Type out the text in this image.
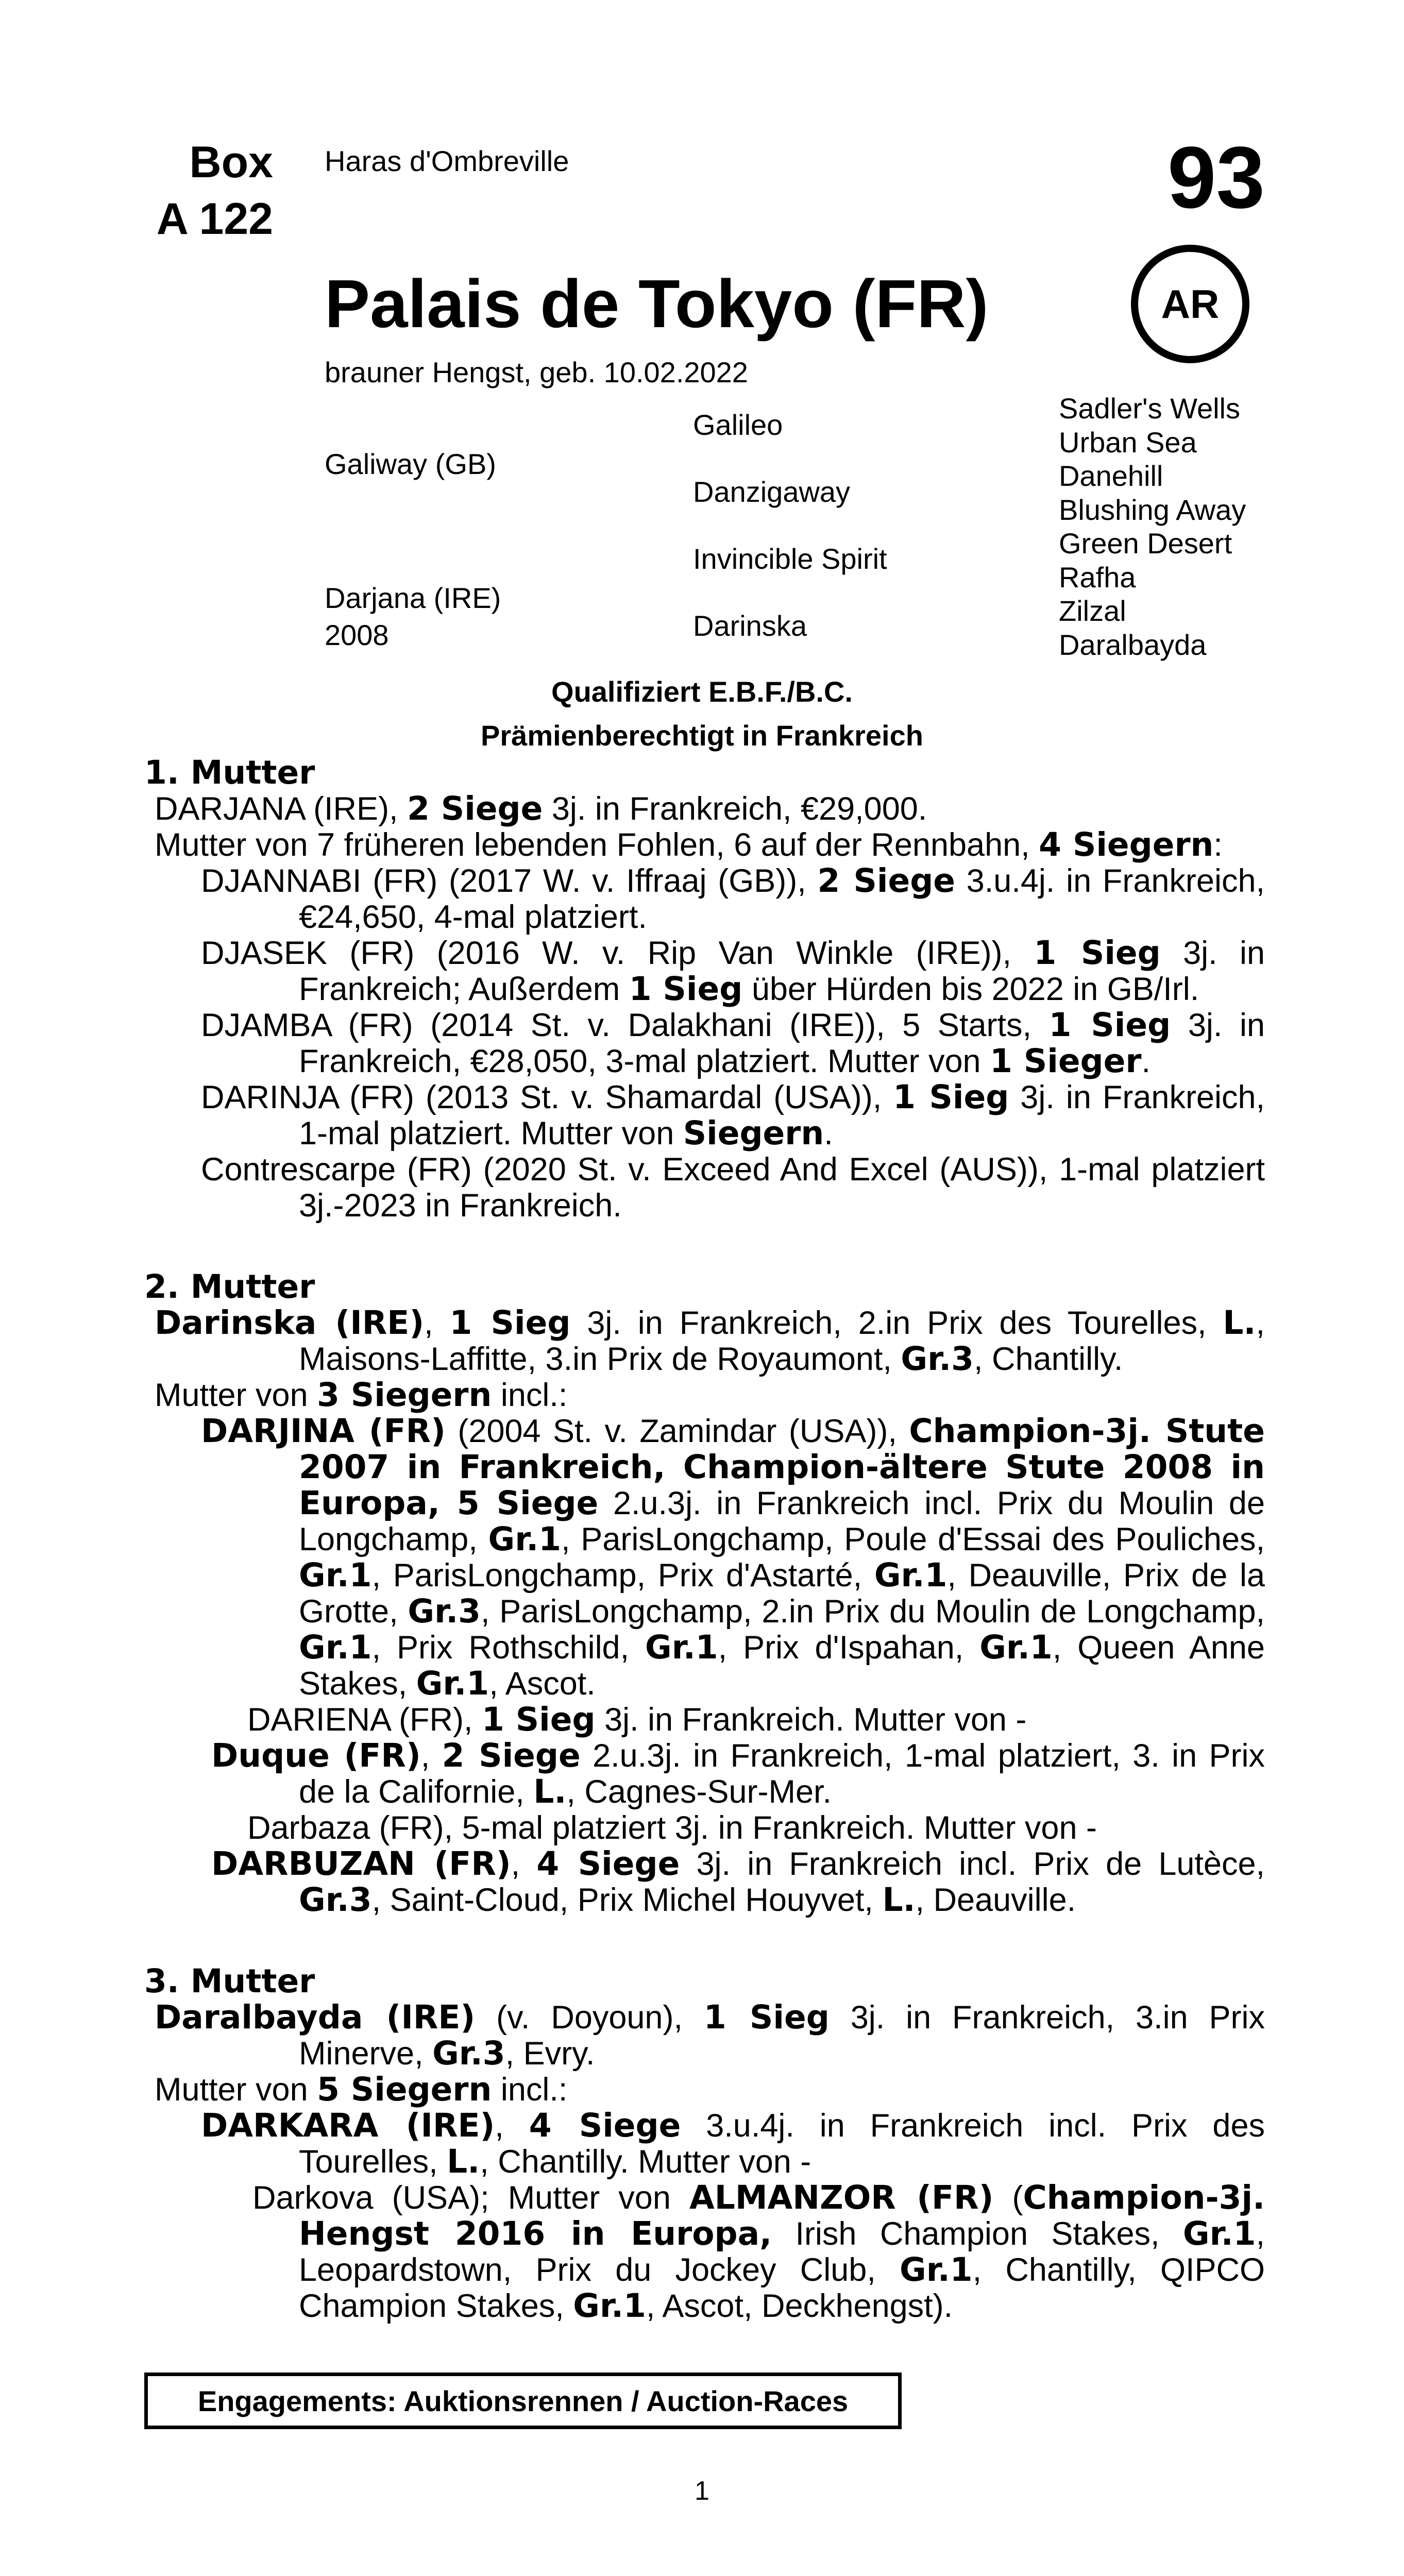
Box
A 122
Haras d'Ombreville	93
Palais de Tokyo (FR)	AR
brauner Hengst, geb. 10.02.2022
Galiway (GB)
Darjana (IRE)
2008
Galileo
Danzigaway
Invincible Spirit
Darinska
Sadler's Wells
Urban Sea
Danehill
Blushing Away
Green Desert
Rafha
Zilzal
Daralbayda
Qualifiziert E.B.F./B.C.
Prämienberechtigt in Frankreich
1. Mutter

DARJANA (IRE), 2 Siege 3j. in Frankreich, €29,000.

Mutter von 7 früheren lebenden Fohlen, 6 auf der Rennbahn, 4 Siegern:

DJANNABI (FR) (2017 W. v. Iffraaj (GB)), 2 Siege 3.u.4j. in Frankreich, €24,650, 4-mal platziert.

DJASEK (FR) (2016 W. v. Rip Van Winkle (IRE)), 1 Sieg 3j. in Frankreich; Außerdem 1 Sieg über Hürden bis 2022 in GB/Irl.

DJAMBA (FR) (2014 St. v. Dalakhani (IRE)), 5 Starts, 1 Sieg 3j. in Frankreich, €28,050, 3-mal platziert. Mutter von 1 Sieger.

DARINJA (FR) (2013 St. v. Shamardal (USA)), 1 Sieg 3j. in Frankreich, 1-mal platziert. Mutter von Siegern.

Contrescarpe (FR) (2020 St. v. Exceed And Excel (AUS)), 1-mal platziert 3j.-2023 in Frankreich.

2. Mutter

Darinska (IRE), 1 Sieg 3j. in Frankreich, 2.in Prix des Tourelles, L., Maisons-Laffitte, 3.in Prix de Royaumont, Gr.3, Chantilly.

Mutter von 3 Siegern incl.:

DARJINA (FR) (2004 St. v. Zamindar (USA)), Champion-3j. Stute 2007 in Frankreich, Champion-ältere Stute 2008 in Europa, 5 Siege 2.u.3j. in Frankreich incl. Prix du Moulin de Longchamp, Gr.1, ParisLongchamp, Poule d'Essai des Pouliches, Gr.1, ParisLongchamp, Prix d'Astarté, Gr.1, Deauville, Prix de la Grotte, Gr.3, ParisLongchamp, 2.in Prix du Moulin de Longchamp, Gr.1, Prix Rothschild, Gr.1, Prix d'Ispahan, Gr.1, Queen Anne Stakes, Gr.1, Ascot.

DARIENA (FR), 1 Sieg 3j. in Frankreich. Mutter von -

Duque (FR), 2 Siege 2.u.3j. in Frankreich, 1-mal platziert, 3. in Prix de la Californie, L., Cagnes-Sur-Mer.

Darbaza (FR), 5-mal platziert 3j. in Frankreich. Mutter von -

DARBUZAN (FR), 4 Siege 3j. in Frankreich incl. Prix de Lutèce, Gr.3, Saint-Cloud, Prix Michel Houyvet, L., Deauville.

3. Mutter

Daralbayda (IRE) (v. Doyoun), 1 Sieg 3j. in Frankreich, 3.in Prix Minerve, Gr.3, Evry.

Mutter von 5 Siegern incl.:

DARKARA (IRE), 4 Siege 3.u.4j. in Frankreich incl. Prix des Tourelles, L., Chantilly. Mutter von -

Darkova (USA); Mutter von ALMANZOR (FR) (Champion-3j. Hengst 2016 in Europa, Irish Champion Stakes, Gr.1, Leopardstown, Prix du Jockey Club, Gr.1, Chantilly, QIPCO Champion Stakes, Gr.1, Ascot, Deckhengst).

Engagements: Auktionsrennen / Auction-Races
1
